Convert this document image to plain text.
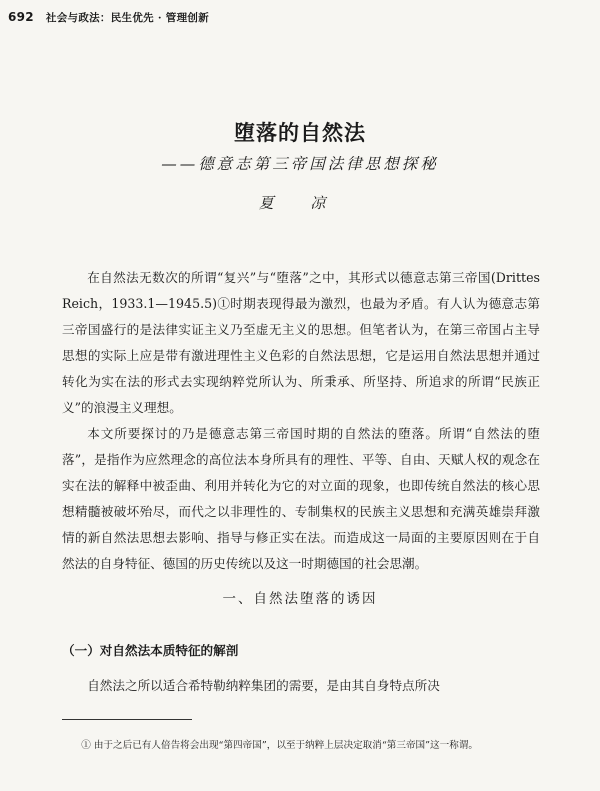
692 社会与政法：民生优先 · 管理创新
堕落的自然法
——德意志第三帝国法律思想探秘
夏 凉

在自然法无数次的所谓“复兴”与“堕落”之中，其形式以德意志第三帝国(Drittes Reich，1933.1—1945.5)①时期表现得最为激烈，也最为矛盾。有人认为德意志第三帝国盛行的是法律实证主义乃至虚无主义的思想。但笔者认为，在第三帝国占主导思想的实际上应是带有激进理性主义色彩的自然法思想，它是运用自然法思想并通过转化为实在法的形式去实现纳粹党所认为、所秉承、所坚持、所追求的所谓“民族正义”的浪漫主义理想。

本文所要探讨的乃是德意志第三帝国时期的自然法的堕落。所谓“自然法的堕落”，是指作为应然理念的高位法本身所具有的理性、平等、自由、天赋人权的观念在实在法的解释中被歪曲、利用并转化为它的对立面的现象，也即传统自然法的核心思想精髓被破坏殆尽，而代之以非理性的、专制集权的民族主义思想和充满英雄崇拜激情的新自然法思想去影响、指导与修正实在法。而造成这一局面的主要原因则在于自然法的自身特征、德国的历史传统以及这一时期德国的社会思潮。

一、自然法堕落的诱因
（一）对自然法本质特征的解剖

自然法之所以适合希特勒纳粹集团的需要，是由其自身特点所决

① 由于之后已有人倍告将会出现“第四帝国”，以至于纳粹上层决定取消“第三帝国”这一称谓。
